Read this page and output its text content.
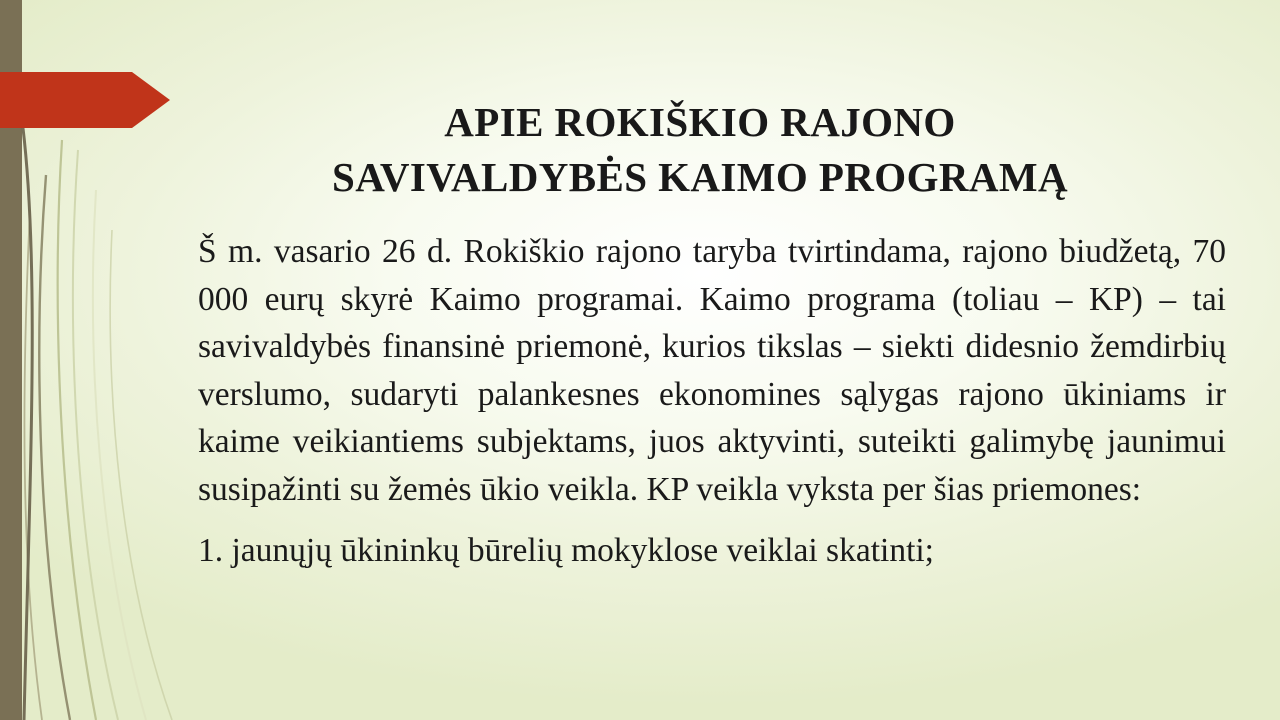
APIE ROKIŠKIO RAJONO
SAVIVALDYBĖS KAIMO PROGRAMĄ

Š m. vasario 26 d. Rokiškio rajono taryba tvirtindama, rajono biudžetą, 70 000 eurų skyrė Kaimo programai. Kaimo programa (toliau – KP) – tai savivaldybės finansinė priemonė, kurios tikslas – siekti didesnio žemdirbių verslumo, sudaryti palankesnes ekonomines sąlygas rajono ūkiniams ir kaime veikiantiems subjektams, juos aktyvinti, suteikti galimybę jaunimui susipažinti su žemės ūkio veikla. KP veikla vyksta per šias priemones:

1. jaunųjų ūkininkų būrelių mokyklose veiklai skatinti;
